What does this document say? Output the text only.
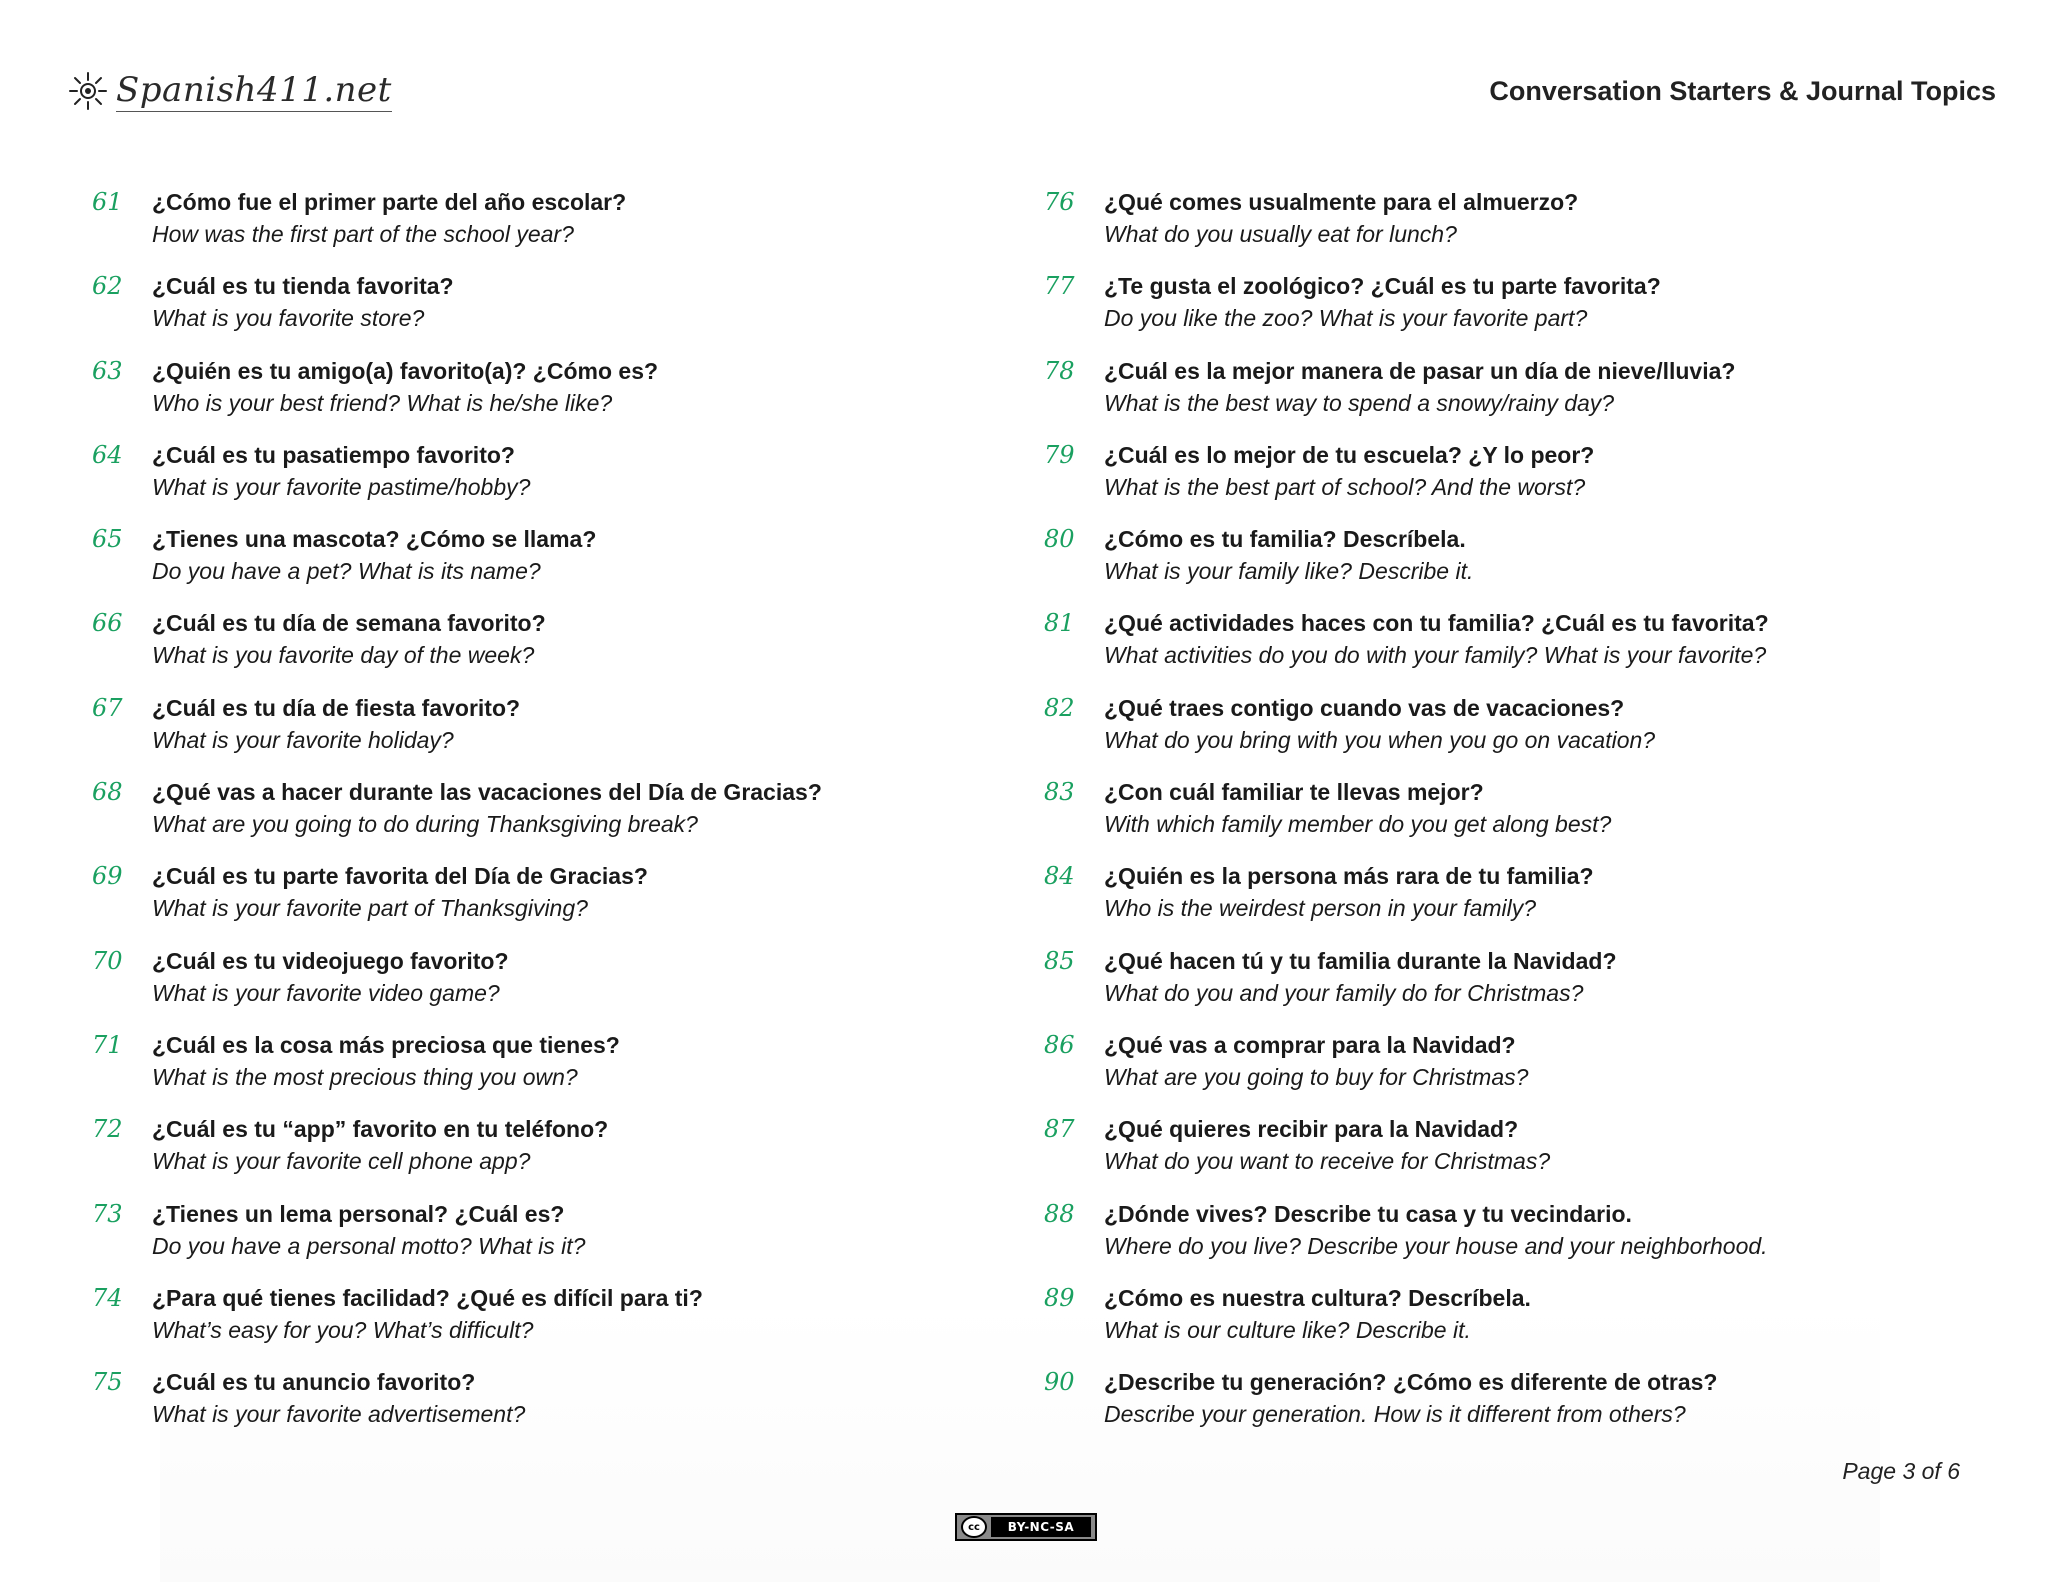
Spanish411.net	Conversation Starters & Journal Topics
61	¿Cómo fue el primer parte del año escolar?
How was the first part of the school year?
62	¿Cuál es tu tienda favorita?
What is you favorite store?
63	¿Quién es tu amigo(a) favorito(a)? ¿Cómo es?
Who is your best friend? What is he/she like?
64	¿Cuál es tu pasatiempo favorito?
What is your favorite pastime/hobby?
65	¿Tienes una mascota? ¿Cómo se llama?
Do you have a pet? What is its name?
66	¿Cuál es tu día de semana favorito?
What is you favorite day of the week?
67	¿Cuál es tu día de fiesta favorito?
What is your favorite holiday?
68	¿Qué vas a hacer durante las vacaciones del Día de Gracias?
What are you going to do during Thanksgiving break?
69	¿Cuál es tu parte favorita del Día de Gracias?
What is your favorite part of Thanksgiving?
70	¿Cuál es tu videojuego favorito?
What is your favorite video game?
71	¿Cuál es la cosa más preciosa que tienes?
What is the most precious thing you own?
72	¿Cuál es tu “app” favorito en tu teléfono?
What is your favorite cell phone app?
73	¿Tienes un lema personal? ¿Cuál es?
Do you have a personal motto? What is it?
74	¿Para qué tienes facilidad? ¿Qué es difícil para ti?
What’s easy for you? What’s difficult?
75	¿Cuál es tu anuncio favorito?
What is your favorite advertisement?
76	¿Qué comes usualmente para el almuerzo?
What do you usually eat for lunch?
77	¿Te gusta el zoológico? ¿Cuál es tu parte favorita?
Do you like the zoo? What is your favorite part?
78	¿Cuál es la mejor manera de pasar un día de nieve/lluvia?
What is the best way to spend a snowy/rainy day?
79	¿Cuál es lo mejor de tu escuela? ¿Y lo peor?
What is the best part of school? And the worst?
80	¿Cómo es tu familia? Descríbela.
What is your family like? Describe it.
81	¿Qué actividades haces con tu familia? ¿Cuál es tu favorita?
What activities do you do with your family? What is your favorite?
82	¿Qué traes contigo cuando vas de vacaciones?
What do you bring with you when you go on vacation?
83	¿Con cuál familiar te llevas mejor?
With which family member do you get along best?
84	¿Quién es la persona más rara de tu familia?
Who is the weirdest person in your family?
85	¿Qué hacen tú y tu familia durante la Navidad?
What do you and your family do for Christmas?
86	¿Qué vas a comprar para la Navidad?
What are you going to buy for Christmas?
87	¿Qué quieres recibir para la Navidad?
What do you want to receive for Christmas?
88	¿Dónde vives? Describe tu casa y tu vecindario.
Where do you live? Describe your house and your neighborhood.
89	¿Cómo es nuestra cultura? Descríbela.
What is our culture like? Describe it.
90	¿Describe tu generación? ¿Cómo es diferente de otras?
Describe your generation. How is it different from others?
Page 3 of 6
cc	BY-NC-SA
